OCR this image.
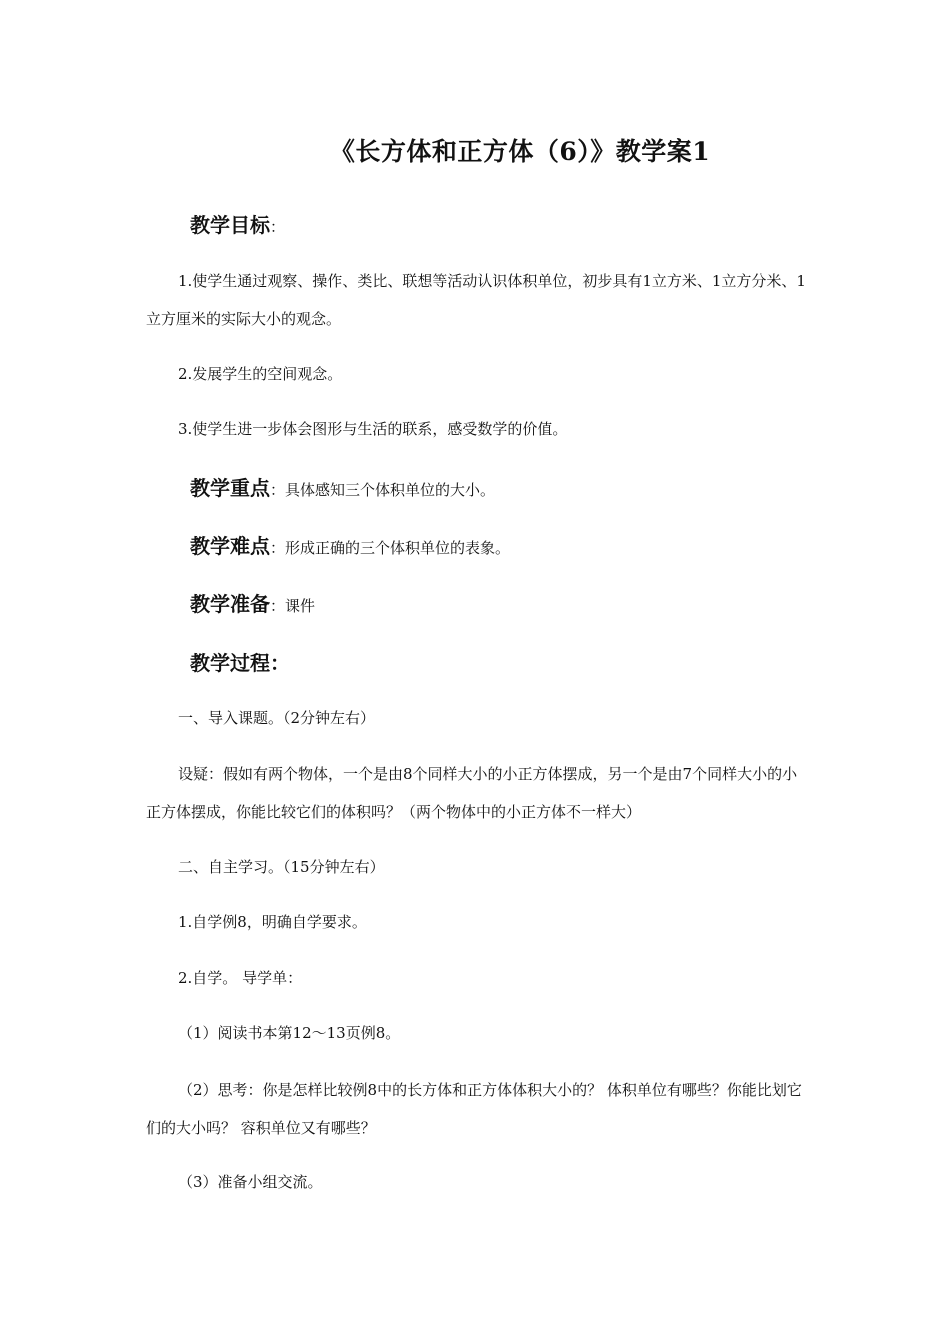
《长方体和正方体（6）》教学案1
教学目标：
1.使学生通过观察、操作、类比、联想等活动认识体积单位，初步具有1立方米、1立方分米、1立方厘米的实际大小的观念。
2.发展学生的空间观念。
3.使学生进一步体会图形与生活的联系，感受数学的价值。
教学重点：具体感知三个体积单位的大小。
教学难点：形成正确的三个体积单位的表象。
教学准备：课件
教学过程：
一、导入课题。（2分钟左右）
设疑：假如有两个物体，一个是由8个同样大小的小正方体摆成，另一个是由7个同样大小的小正方体摆成，你能比较它们的体积吗？（两个物体中的小正方体不一样大）
二、自主学习。（15分钟左右）
1.自学例8，明确自学要求。
2.自学。 导学单：
（1）阅读书本第12～13页例8。
（2）思考：你是怎样比较例8中的长方体和正方体体积大小的？ 体积单位有哪些？你能比划它们的大小吗？ 容积单位又有哪些？
（3）准备小组交流。
